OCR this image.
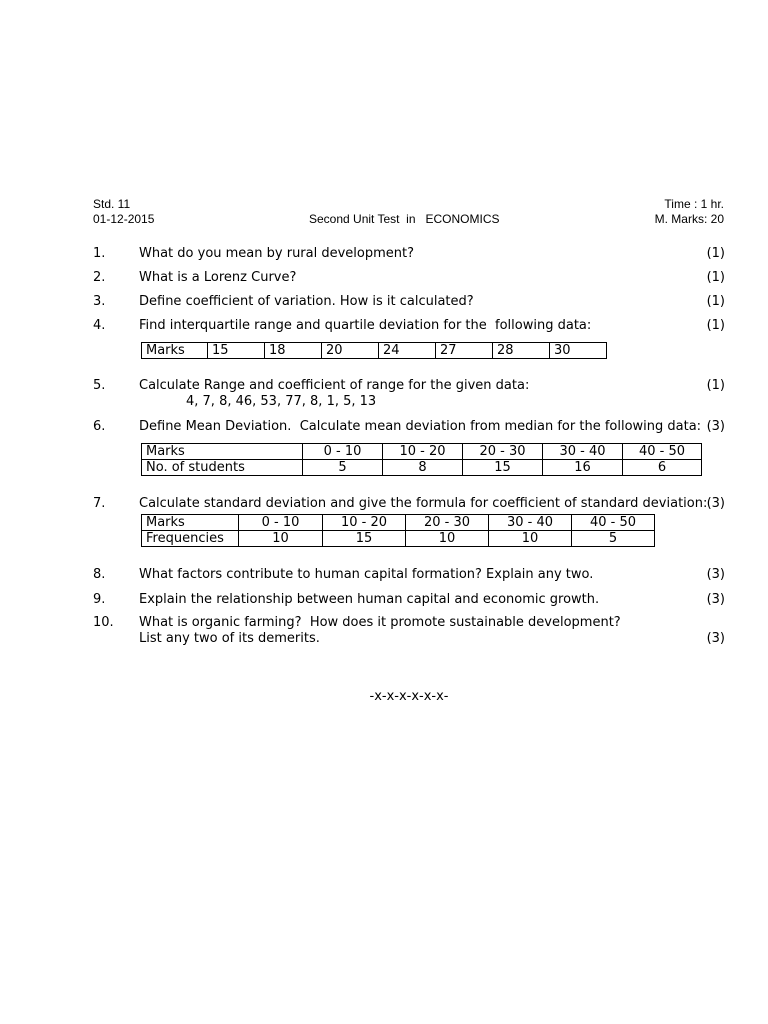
Std. 11
01-12-2015	Second Unit Test  in   ECONOMICS
Time : 1 hr.
M. Marks: 20
1.	What do you mean by rural development?	(1)
2.	What is a Lorenz Curve?	(1)
3.	Define coefficient of variation. How is it calculated?	(1)
4.	Find interquartile range and quartile deviation for the  following data:	(1)
Marks	15	18	20	24	27	28	30
5.	Calculate Range and coefficient of range for the given data:	(1)
4, 7, 8, 46, 53, 77, 8, 1, 5, 13
6.	Define Mean Deviation.  Calculate mean deviation from median for the following data: (3)
Marks	0 - 10	10 - 20	20 - 30	30 - 40	40 - 50
No. of students	5	8	15	16	6
7.	Calculate standard deviation and give the formula for coefficient of standard deviation: (3)
Marks	0 - 10	10 - 20	20 - 30	30 - 40	40 - 50
Frequencies	10	15	10	10	5
8.	What factors contribute to human capital formation? Explain any two.	(3)
9.	Explain the relationship between human capital and economic growth.	(3)
10. What is organic farming?  How does it promote sustainable development?
(3)
List any two of its demerits.
-x-x-x-x-x-x-
